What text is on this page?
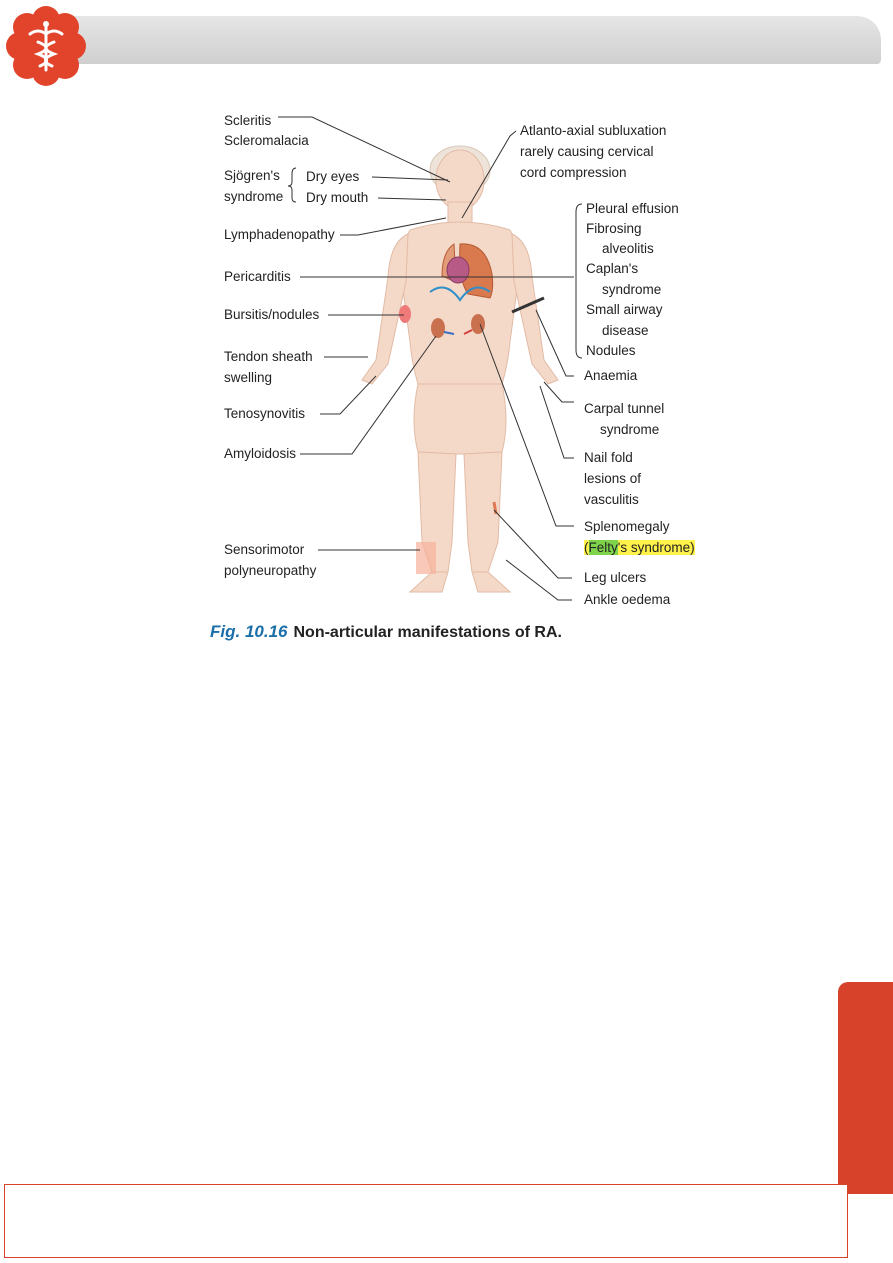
Scleritis
Scleromalacia
Sjögren's
syndrome
Dry eyes
Dry mouth
Lymphadenopathy
Pericarditis
Bursitis/nodules
Tendon sheath
swelling
Tenosynovitis
Amyloidosis
Sensorimotor
polyneuropathy
Atlanto-axial subluxation
rarely causing cervical
cord compression
Pleural effusion
Fibrosing
alveolitis
Caplan's
syndrome
Small airway
disease
Nodules
Anaemia
Carpal tunnel
syndrome
Nail fold
lesions of
vasculitis
Splenomegaly
(Felty's syndrome)
Leg ulcers
Ankle oedema
Fig. 10.16 Non-articular manifestations of RA.
